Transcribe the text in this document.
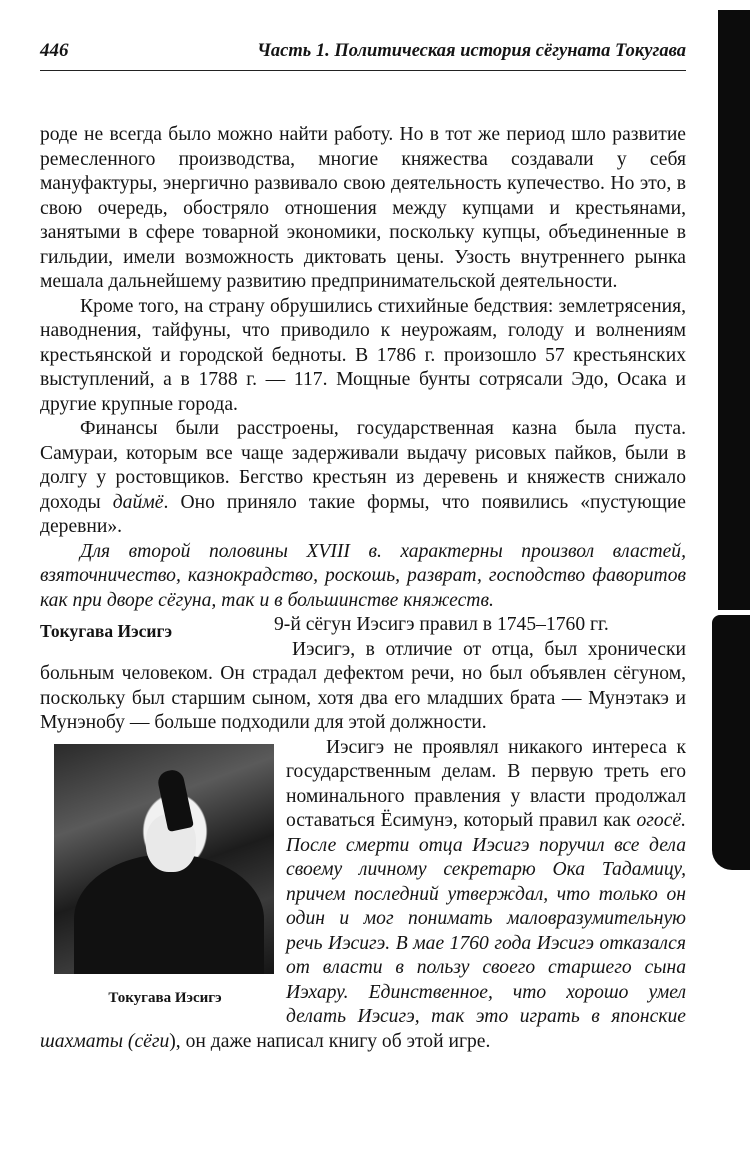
446	Часть 1. Политическая история сёгуната Токугава

роде не всегда было можно найти работу. Но в тот же период шло развитие ремесленного производства, многие княжества создавали у себя мануфактуры, энергично развивало свою деятельность купечество. Но это, в свою очередь, обостряло отношения между купцами и крестьянами, занятыми в сфере товарной экономики, поскольку купцы, объединенные в гильдии, имели возможность диктовать цены. Узость внутреннего рынка мешала дальнейшему развитию предпринимательской деятельности.

Кроме того, на страну обрушились стихийные бедствия: землетрясения, наводнения, тайфуны, что приводило к неурожаям, голоду и волнениям крестьянской и городской бедноты. В 1786 г. произошло 57 крестьянских выступлений, а в 1788 г. — 117. Мощные бунты сотрясали Эдо, Осака и другие крупные города.

Финансы были расстроены, государственная казна была пуста. Самураи, которым все чаще задерживали выдачу рисовых пайков, были в долгу у ростовщиков. Бегство крестьян из деревень и княжеств снижало доходы даймё. Оно приняло такие формы, что появились «пустующие деревни».

Для второй половины XVIII в. характерны произвол властей, взяточничество, казнокрадство, роскошь, разврат, господство фаворитов как при дворе сёгуна, так и в большинстве княжеств.

Токугава Иэсигэ	9-й сёгун Иэсигэ правил в 1745–1760 гг.
Иэсигэ, в отличие от отца, был хронически больным человеком. Он страдал дефектом речи, но был объявлен сёгуном, поскольку был старшим сыном, хотя два его младших брата — Мунэтакэ и Мунэнобу — больше подходили для этой должности.

Токугава Иэсигэ

Иэсигэ не проявлял никакого интереса к государственным делам. В первую треть его номинального правления у власти продолжал оставаться Ёсимунэ, который правил как огосё. После смерти отца Иэсигэ поручил все дела своему личному секретарю Ока Тадамицу, причем последний утверждал, что только он один и мог понимать маловразумительную речь Иэсигэ. В мае 1760 года Иэсигэ отказался от власти в пользу своего старшего сына Иэхару. Единственное, что хорошо умел делать Иэсигэ, так это играть в японские шахматы (сёги), он даже написал книгу об этой игре.
